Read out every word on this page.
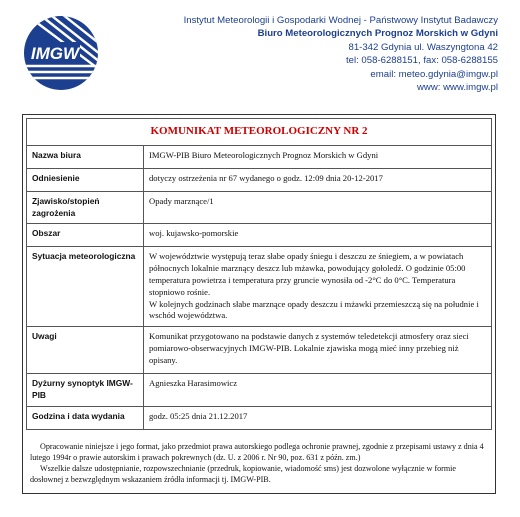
IMGW
Instytut Meteorologii i Gospodarki Wodnej - Państwowy Instytut Badawczy
Biuro Meteorologicznych Prognoz Morskich w Gdyni
81-342 Gdynia ul. Waszyngtona 42
tel: 058-6288151, fax: 058-6288155
email: meteo.gdynia@imgw.pl
www: www.imgw.pl
KOMUNIKAT METEOROLOGICZNY NR 2	
Nazwa biura	IMGW-PIB Biuro Meteorologicznych Prognoz Morskich w Gdyni
Odniesienie	dotyczy ostrzeżenia nr 67 wydanego o godz. 12:09 dnia 20-12-2017
Zjawisko/stopień zagrożenia	Opady marznące/1
Obszar	woj. kujawsko-pomorskie
Sytuacja meteorologiczna	W województwie występują teraz słabe opady śniegu i deszczu ze śniegiem, a w powiatach północnych lokalnie marznący deszcz lub mżawka, powodujący gołoledź. O godzinie 05:00 temperatura powietrza i temperatura przy gruncie wynosiła od -2°C do 0°C. Temperatura stopniowo rośnie.

W kolejnych godzinach słabe marznące opady deszczu i mżawki przemieszczą się na południe i wschód województwa.

Uwagi	Komunikat przygotowano na podstawie danych z systemów teledetekcji atmosfery oraz sieci pomiarowo-obserwacyjnych IMGW-PIB. Lokalnie zjawiska mogą mieć inny przebieg niż opisany.
Dyżurny synoptyk IMGW-PIB	Agnieszka Harasimowicz
Godzina i data wydania	godz. 05:25 dnia 21.12.2017

Opracowanie niniejsze i jego format, jako przedmiot prawa autorskiego podlega ochronie prawnej, zgodnie z przepisami ustawy z dnia 4 lutego 1994r o prawie autorskim i prawach pokrewnych (dz. U. z 2006 r. Nr 90, poz. 631 z późn. zm.)

Wszelkie dalsze udostępnianie, rozpowszechnianie (przedruk, kopiowanie, wiadomość sms) jest dozwolone wyłącznie w formie dosłownej z bezwzględnym wskazaniem źródła informacji tj. IMGW-PIB.
